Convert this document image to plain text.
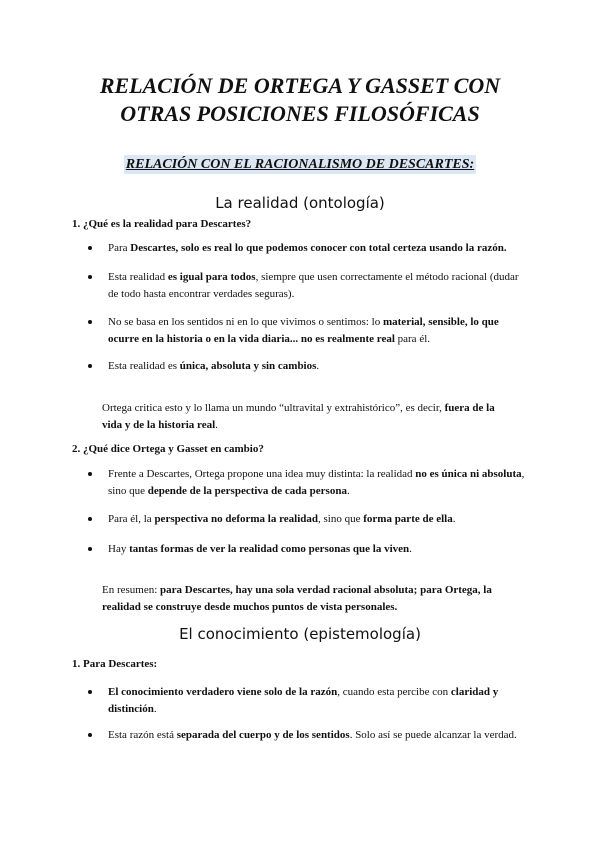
RELACIÓN DE ORTEGA Y GASSET CON
OTRAS POSICIONES FILOSÓFICAS
RELACIÓN CON EL RACIONALISMO DE DESCARTES:
La realidad (ontología)
1. ¿Qué es la realidad para Descartes?
Para Descartes, solo es real lo que podemos conocer con total certeza usando la razón.
Esta realidad es igual para todos, siempre que usen correctamente el método racional (dudar de todo hasta encontrar verdades seguras).
No se basa en los sentidos ni en lo que vivimos o sentimos: lo material, sensible, lo que ocurre en la historia o en la vida diaria... no es realmente real para él.
Esta realidad es única, absoluta y sin cambios.
Ortega critica esto y lo llama un mundo “ultravital y extrahistórico”, es decir, fuera de la vida y de la historia real.
2. ¿Qué dice Ortega y Gasset en cambio?
Frente a Descartes, Ortega propone una idea muy distinta: la realidad no es única ni absoluta, sino que depende de la perspectiva de cada persona.
Para él, la perspectiva no deforma la realidad, sino que forma parte de ella.
Hay tantas formas de ver la realidad como personas que la viven.
En resumen: para Descartes, hay una sola verdad racional absoluta; para Ortega, la realidad se construye desde muchos puntos de vista personales.
El conocimiento (epistemología)
1. Para Descartes:
El conocimiento verdadero viene solo de la razón, cuando esta percibe con claridad y distinción.
Esta razón está separada del cuerpo y de los sentidos. Solo así se puede alcanzar la verdad.
